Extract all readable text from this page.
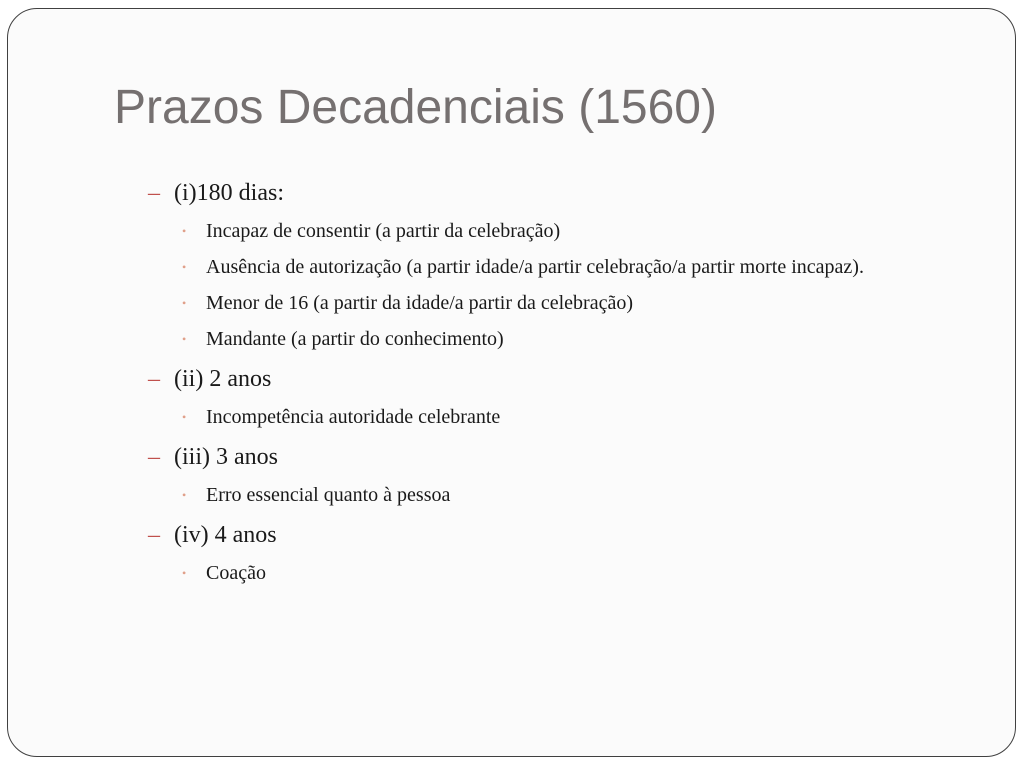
Prazos Decadenciais (1560)
– (i)180 dias:
• Incapaz de consentir (a partir da celebração)
• Ausência de autorização (a partir idade/a partir celebração/a partir morte incapaz).
• Menor de 16 (a partir da idade/a partir da celebração)
• Mandante (a partir do conhecimento)
– (ii) 2 anos
• Incompetência autoridade celebrante
– (iii) 3 anos
• Erro essencial quanto à pessoa
– (iv) 4 anos
• Coação
